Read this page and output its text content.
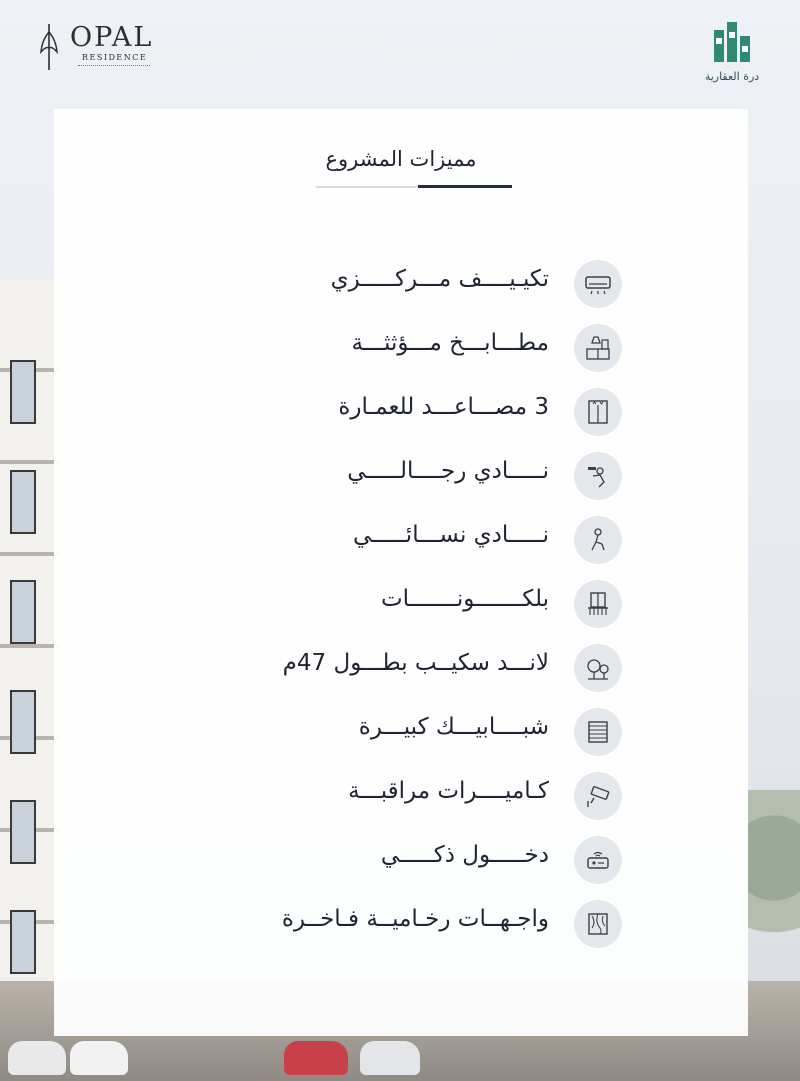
OPAL
RESIDENCE
درة العقارية
مميزات المشروع
تكيـيــــف مـــركـــــزي
مطـــابـــخ مـــؤثثـــة
3 مصـــاعـــد للعمـارة
نـــــادي رجــــالـــــي
نـــــادي نســـائـــــي
بلكـــــــونـــــــات
لانـــد سكيــب بطـــول 47م
شبــــابيـــك كبيـــرة
كـاميــــرات مراقبـــة
دخـــــول ذكـــــي
واجـهــات رخـاميــة فـاخــرة
